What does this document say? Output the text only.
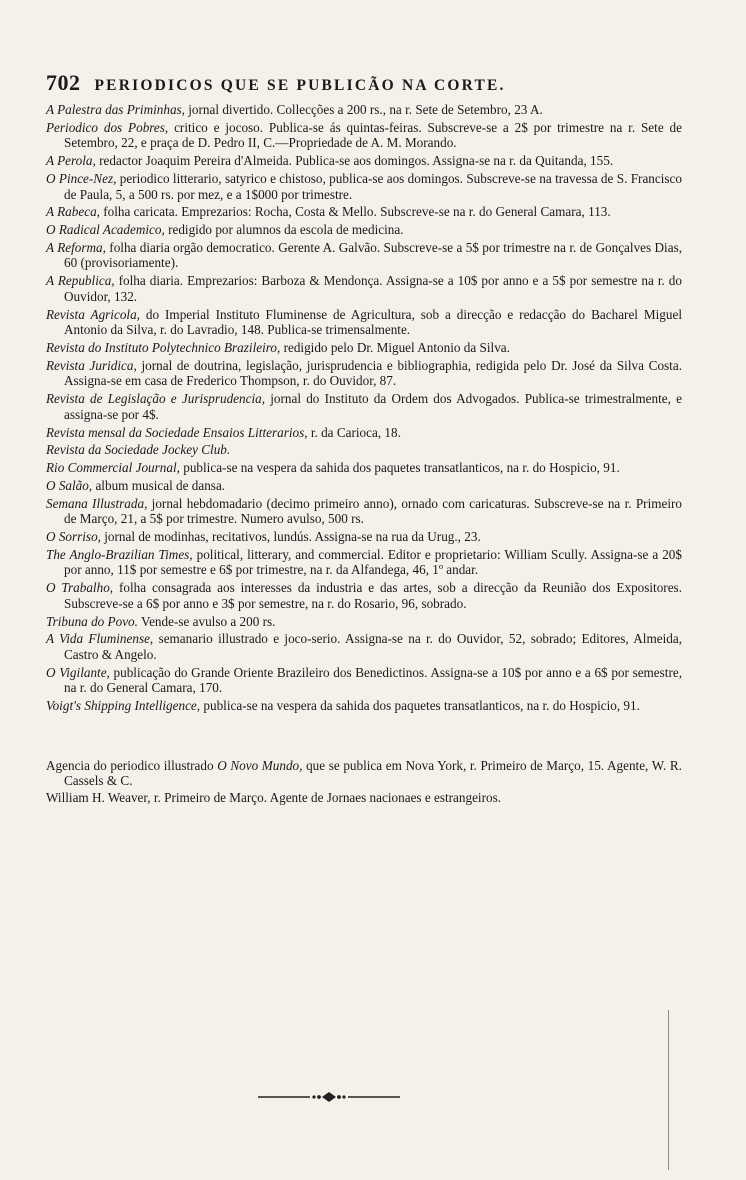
702 PERIODICOS QUE SE PUBLICÃO NA CORTE.

A Palestra das Priminhas, jornal divertido. Collecções a 200 rs., na r. Sete de Setembro, 23 A.

Periodico dos Pobres, critico e jocoso. Publica-se ás quintas-feiras. Subscreve-se a 2$ por trimestre na r. Sete de Setembro, 22, e praça de D. Pedro II, C.—Propriedade de A. M. Morando.

A Perola, redactor Joaquim Pereira d'Almeida. Publica-se aos domingos. Assigna-se na r. da Quitanda, 155.

O Pince-Nez, periodico litterario, satyrico e chistoso, publica-se aos domingos. Subscreve-se na travessa de S. Francisco de Paula, 5, a 500 rs. por mez, e a 1$000 por trimestre.

A Rabeca, folha caricata. Emprezarios: Rocha, Costa & Mello. Subscreve-se na r. do General Camara, 113.

O Radical Academico, redigido por alumnos da escola de medicina.

A Reforma, folha diaria orgão democratico. Gerente A. Galvão. Subscreve-se a 5$ por trimestre na r. de Gonçalves Dias, 60 (provisoriamente).

A Republica, folha diaria. Emprezarios: Barboza & Mendonça. Assigna-se a 10$ por anno e a 5$ por semestre na r. do Ouvidor, 132.

Revista Agricola, do Imperial Instituto Fluminense de Agricultura, sob a direcção e redacção do Bacharel Miguel Antonio da Silva, r. do Lavradio, 148. Publica-se trimensalmente.

Revista do Instituto Polytechnico Brazileiro, redigido pelo Dr. Miguel Antonio da Silva.

Revista Juridica, jornal de doutrina, legislação, jurisprudencia e bibliographia, redigida pelo Dr. José da Silva Costa. Assigna-se em casa de Frederico Thompson, r. do Ouvidor, 87.

Revista de Legislação e Jurisprudencia, jornal do Instituto da Ordem dos Advogados. Publica-se trimestralmente, e assigna-se por 4$.

Revista mensal da Sociedade Ensaios Litterarios, r. da Carioca, 18.

Revista da Sociedade Jockey Club.

Rio Commercial Journal, publica-se na vespera da sahida dos paquetes transatlanticos, na r. do Hospicio, 91.

O Salão, album musical de dansa.

Semana Illustrada, jornal hebdomadario (decimo primeiro anno), ornado com caricaturas. Subscreve-se na r. Primeiro de Março, 21, a 5$ por trimestre. Numero avulso, 500 rs.

O Sorriso, jornal de modinhas, recitativos, lundús. Assigna-se na rua da Urug., 23.

The Anglo-Brazilian Times, political, litterary, and commercial. Editor e proprietario: William Scully. Assigna-se a 20$ por anno, 11$ por semestre e 6$ por trimestre, na r. da Alfandega, 46, 1º andar.

O Trabalho, folha consagrada aos interesses da industria e das artes, sob a direcção da Reunião dos Expositores. Subscreve-se a 6$ por anno e 3$ por semestre, na r. do Rosario, 96, sobrado.

Tribuna do Povo. Vende-se avulso a 200 rs.

A Vida Fluminense, semanario illustrado e joco-serio. Assigna-se na r. do Ouvidor, 52, sobrado; Editores, Almeida, Castro & Angelo.

O Vigilante, publicação do Grande Oriente Brazileiro dos Benedictinos. Assigna-se a 10$ por anno e a 6$ por semestre, na r. do General Camara, 170.

Voigt's Shipping Intelligence, publica-se na vespera da sahida dos paquetes transatlanticos, na r. do Hospicio, 91.

Agencia do periodico illustrado O Novo Mundo, que se publica em Nova York, r. Primeiro de Março, 15. Agente, W. R. Cassels & C.

William H. Weaver, r. Primeiro de Março. Agente de Jornaes nacionaes e estrangeiros.
